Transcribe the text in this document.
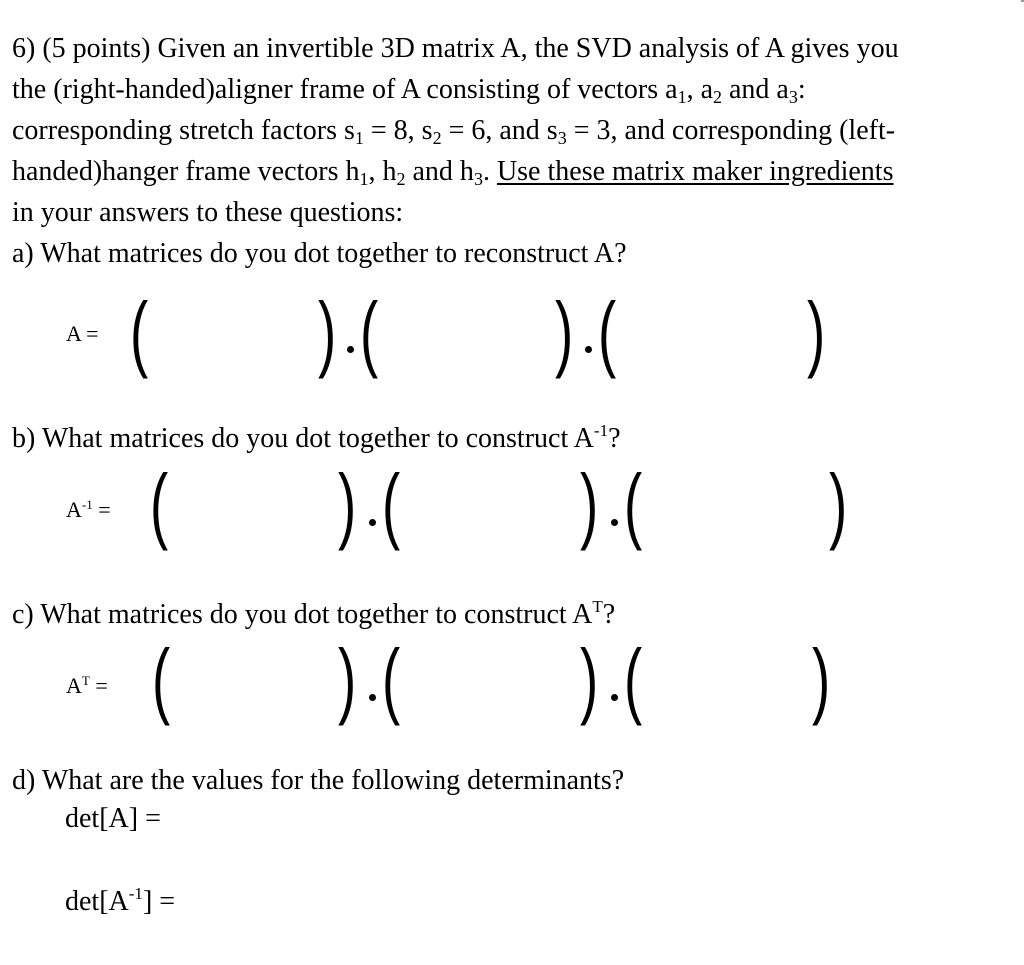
6) (5 points) Given an invertible 3D matrix A, the SVD analysis of A gives you
the (right-handed)aligner frame of A consisting of vectors $a_1$, $a_2$ and $a_3$:
corresponding stretch factors $s_1 = 8$, $s_2 = 6$, and $s_3 = 3$, and corresponding (left-
handed)hanger frame vectors $h_1$, $h_2$ and $h_3$. Use these matrix maker ingredients
in your answers to these questions:
a) What matrices do you dot together to reconstruct A?
A = ( ) ( ) ( )
b) What matrices do you dot together to construct $A^{-1}$?
$A^{-1}$ = ( ) ( ) ( )
c) What matrices do you dot together to construct $A^T$?
$A^T$ = ( ) ( ) ( )
d) What are the values for the following determinants?
det[A] =
$\det[A^{-1}]$ =
